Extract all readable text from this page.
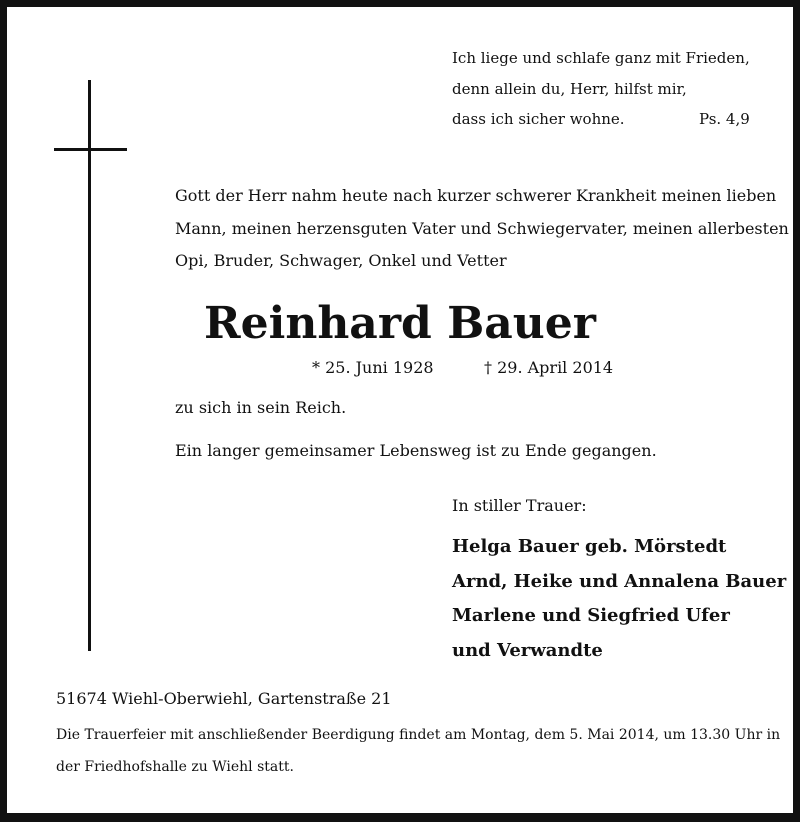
Ich liege und schlafe ganz mit Frieden,
denn allein du, Herr, hilfst mir,
dass ich sicher wohne.	Ps. 4,9
Gott der Herr nahm heute nach kurzer schwerer Krankheit meinen lieben
Mann, meinen herzensguten Vater und Schwiegervater, meinen allerbesten
Opi, Bruder, Schwager, Onkel und Vetter
Reinhard Bauer
* 25. Juni 1928	† 29. April 2014
zu sich in sein Reich.
Ein langer gemeinsamer Lebensweg ist zu Ende gegangen.
In stiller Trauer:
Helga Bauer geb. Mörstedt
Arnd, Heike und Annalena Bauer
Marlene und Siegfried Ufer
und Verwandte
51674 Wiehl-Oberwiehl, Gartenstraße 21
Die Trauerfeier mit anschließender Beerdigung findet am Montag, dem 5. Mai 2014, um 13.30 Uhr in
der Friedhofshalle zu Wiehl statt.
